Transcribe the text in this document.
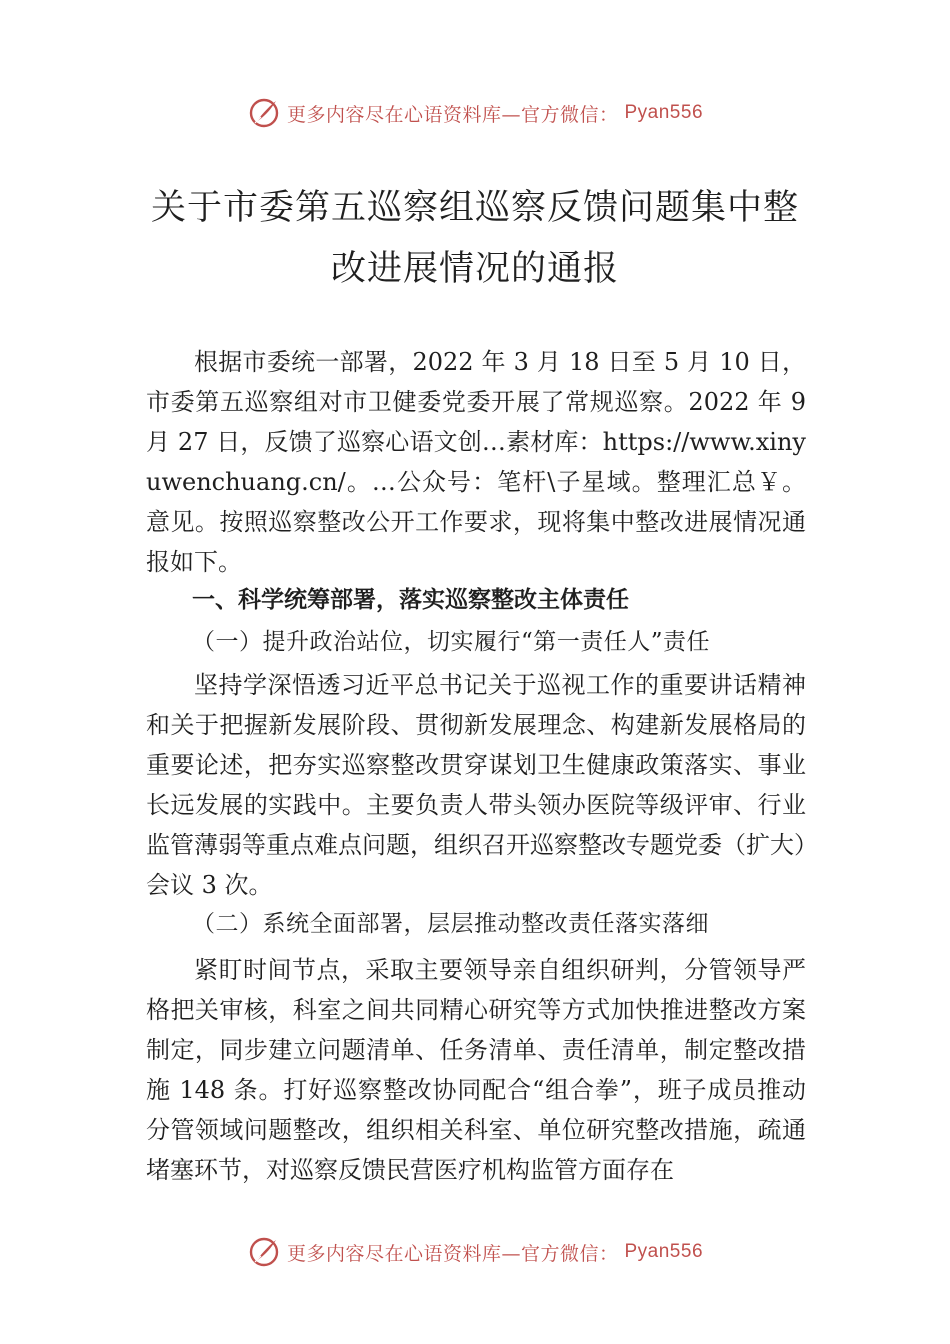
更多内容尽在心语资料库—官方微信： Pyan556
关于市委第五巡察组巡察反馈问题集中整
改进展情况的通报

根据市委统一部署，2022 年 3 月 18 日至 5 月 10 日，市委第五巡察组对市卫健委党委开展了常规巡察。2022 年 9 月 27 日，反馈了巡察心语文创…素材库：https://www.xinyuwenchuang.cn/。…公众号：笔杆\子星域。整理汇总￥。意见。按照巡察整改公开工作要求，现将集中整改进展情况通报如下。

一、科学统筹部署，落实巡察整改主体责任

（一）提升政治站位，切实履行“第一责任人”责任

坚持学深悟透习近平总书记关于巡视工作的重要讲话精神和关于把握新发展阶段、贯彻新发展理念、构建新发展格局的重要论述，把夯实巡察整改贯穿谋划卫生健康政策落实、事业长远发展的实践中。主要负责人带头领办医院等级评审、行业监管薄弱等重点难点问题，组织召开巡察整改专题党委（扩大）会议 3 次。

（二）系统全面部署，层层推动整改责任落实落细

紧盯时间节点，采取主要领导亲自组织研判，分管领导严格把关审核，科室之间共同精心研究等方式加快推进整改方案制定，同步建立问题清单、任务清单、责任清单，制定整改措施 148 条。打好巡察整改协同配合“组合拳”，班子成员推动分管领域问题整改，组织相关科室、单位研究整改措施，疏通堵塞环节，对巡察反馈民营医疗机构监管方面存在

更多内容尽在心语资料库—官方微信： Pyan556
